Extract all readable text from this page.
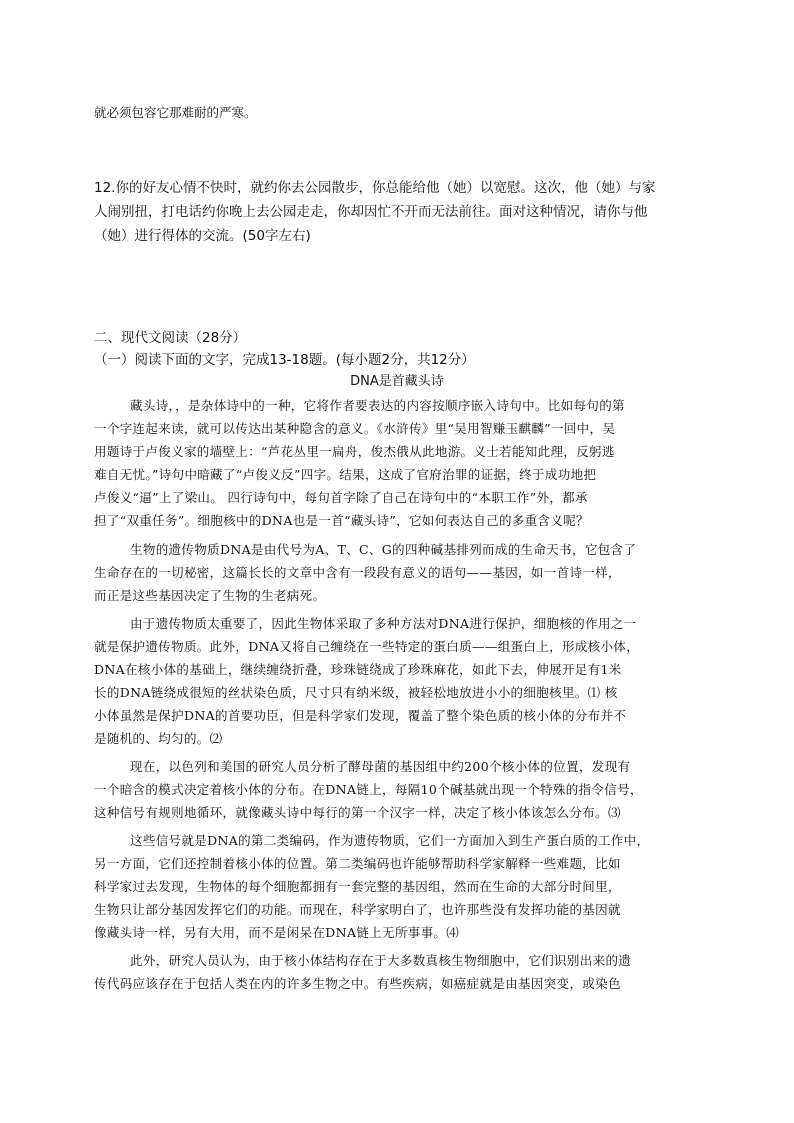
就必须包容它那难耐的严寒。

12.你的好友心情不快时，就约你去公园散步，你总能给他（她）以宽慰。这次，他（她）与家

人闹别扭，打电话约你晚上去公园走走，你却因忙不开而无法前往。面对这种情况，请你与他

（她）进行得体的交流。(50字左右)

二、现代文阅读（28分）
（一）阅读下面的文字，完成13-18题。(每小题2分，共12分）
DNA是首藏头诗
藏头诗，，是杂体诗中的一种，它将作者要表达的内容按顺序嵌入诗句中。比如每句的第
一个字连起来读，就可以传达出某种隐含的意义。《水浒传》里“吴用智赚玉麒麟”一回中，吴
用题诗于卢俊义家的墙壁上：“芦花丛里一扁舟，俊杰俄从此地游。义士若能知此理，反躬逃
难自无忧。”诗句中暗藏了“卢俊义反”四字。结果，这成了官府治罪的证据，终于成功地把
卢俊义“逼”上了梁山。 四行诗句中，每句首字除了自己在诗句中的“本职工作”外，都承
担了“双重任务”。细胞核中的DNA也是一首“藏头诗”，它如何表达自己的多重含义呢？
生物的遗传物质DNA是由代号为A、T、C、G的四种碱基排列而成的生命天书，它包含了
生命存在的一切秘密，这篇长长的文章中含有一段段有意义的语句——基因，如一首诗一样，
而正是这些基因决定了生物的生老病死。
由于遗传物质太重要了，因此生物体采取了多种方法对DNA进行保护，细胞核的作用之一
就是保护遗传物质。此外，DNA又将自己缠绕在一些特定的蛋白质——组蛋白上，形成核小体，
DNA在核小体的基础上，继续缠绕折叠，珍珠链绕成了珍珠麻花，如此下去，伸展开足有1米
长的DNA链绕成很短的丝状染色质，尺寸只有纳米级，被轻松地放进小小的细胞核里。⑴ 核
小体虽然是保护DNA的首要功臣，但是科学家们发现，覆盖了整个染色质的核小体的分布并不
是随机的、均匀的。⑵
现在，以色列和美国的研究人员分析了酵母菌的基因组中约200个核小体的位置，发现有
一个暗含的模式决定着核小体的分布。在DNA链上，每隔10个碱基就出现一个特殊的指令信号，
这种信号有规则地循环，就像藏头诗中每行的第一个汉字一样，决定了核小体该怎么分布。⑶
这些信号就是DNA的第二类编码，作为遗传物质，它们一方面加入到生产蛋白质的工作中，
另一方面，它们还控制着核小体的位置。第二类编码也许能够帮助科学家解释一些难题，比如
科学家过去发现，生物体的每个细胞都拥有一套完整的基因组，然而在生命的大部分时间里，
生物只让部分基因发挥它们的功能。而现在，科学家明白了，也许那些没有发挥功能的基因就
像藏头诗一样，另有大用，而不是闲呆在DNA链上无所事事。⑷
此外，研究人员认为，由于核小体结构存在于大多数真核生物细胞中，它们识别出来的遗
传代码应该存在于包括人类在内的许多生物之中。有些疾病，如癌症就是由基因突变，或染色
